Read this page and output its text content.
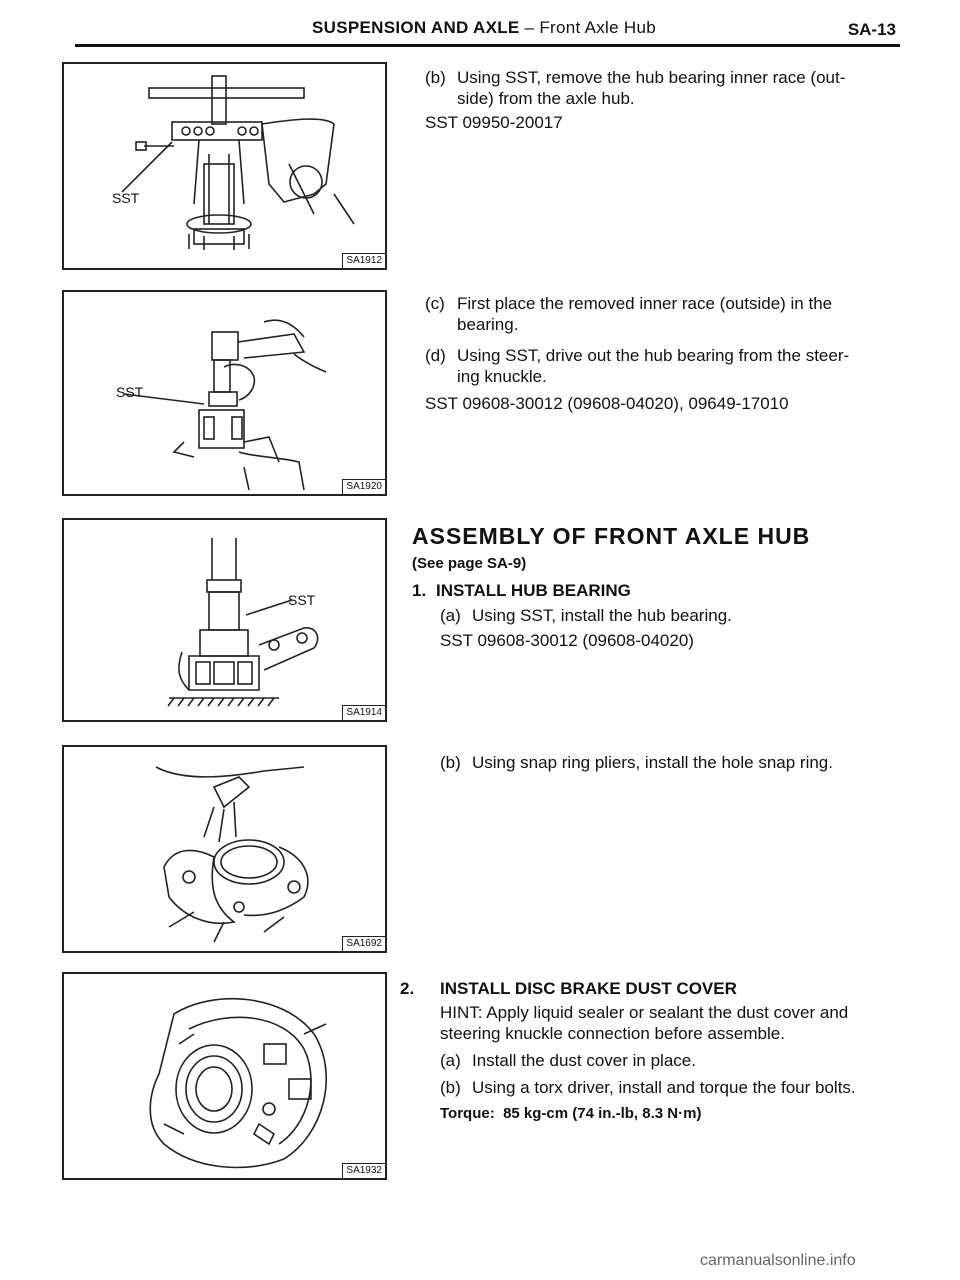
SUSPENSION AND AXLE – Front Axle Hub	SA-13
SST
SA1912
SST
SA1920
SST
SA1914
SA1692
SA1932
(b) Using SST, remove the hub bearing inner race (out-
side) from the axle hub.
SST 09950-20017
(c) First place the removed inner race (outside) in the
bearing.
(d) Using SST, drive out the hub bearing from the steer-
ing knuckle.
SST 09608-30012 (09608-04020), 09649-17010
ASSEMBLY OF FRONT AXLE HUB
(See page SA-9)
1. INSTALL HUB BEARING
(a) Using SST, install the hub bearing.
SST 09608-30012 (09608-04020)
(b) Using snap ring pliers, install the hole snap ring.
2. INSTALL DISC BRAKE DUST COVER
HINT: Apply liquid sealer or sealant the dust cover and
steering knuckle connection before assemble.
(a) Install the dust cover in place.
(b) Using a torx driver, install and torque the four bolts.
Torque: 85 kg-cm (74 in.-lb, 8.3 N·m)
carmanualsonline.info
